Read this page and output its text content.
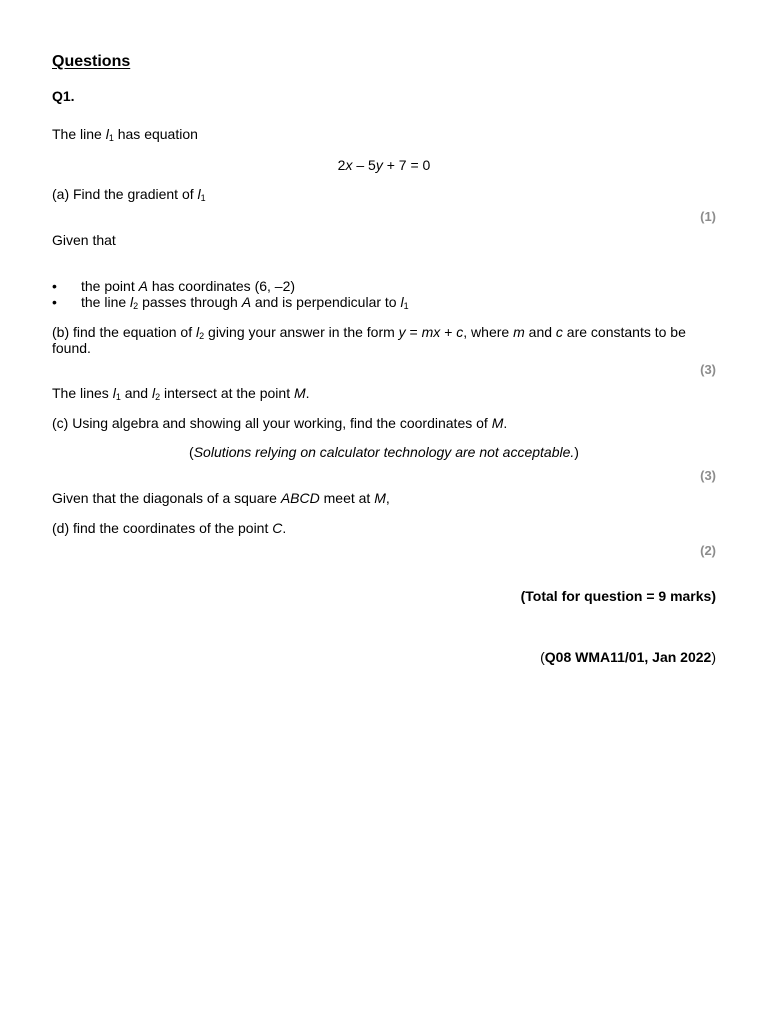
Questions
Q1.
The line $l_1$ has equation
2x – 5y + 7 = 0
(a) Find the gradient of $l_1$
(1)
Given that
• the point A has coordinates (6, –2)
• the line $l_2$ passes through A and is perpendicular to $l_1$
(b) find the equation of $l_2$ giving your answer in the form y = mx + c, where m and c are constants to be
found.
(3)
The lines $l_1$ and $l_2$ intersect at the point M.
(c) Using algebra and showing all your working, find the coordinates of M.
(Solutions relying on calculator technology are not acceptable.)
(3)
Given that the diagonals of a square ABCD meet at M,
(d) find the coordinates of the point C.
(2)
(Total for question = 9 marks)
(Q08 WMA11/01, Jan 2022)
